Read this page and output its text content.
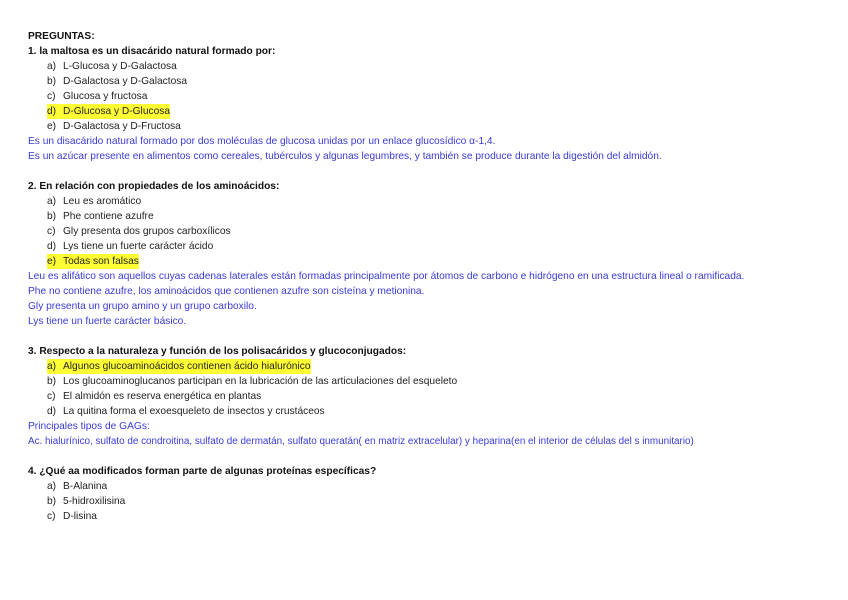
PREGUNTAS:
1. la maltosa es un disacárido natural formado por:
a) L-Glucosa y D-Galactosa
b) D-Galactosa y D-Galactosa
c) Glucosa y fructosa
d) D-Glucosa y D-Glucosa
e) D-Galactosa y D-Fructosa
Es un disacárido natural formado por dos moléculas de glucosa unidas por un enlace glucosídico α-1,4.
Es un azúcar presente en alimentos como cereales, tubérculos y algunas legumbres, y también se produce durante la digestión del almidón.
2. En relación con propiedades de los aminoácidos:
a) Leu es aromático
b) Phe contiene azufre
c) Gly presenta dos grupos carboxílicos
d) Lys tiene un fuerte carácter ácido
e) Todas son falsas
Leu es alifático son aquellos cuyas cadenas laterales están formadas principalmente por átomos de carbono e hidrógeno en una estructura lineal o ramificada.
Phe no contiene azufre, los aminoácidos que contienen azufre son cisteína y metionina.
Gly presenta un grupo amino y un grupo carboxilo.
Lys tiene un fuerte carácter básico.
3. Respecto a la naturaleza y función de los polisacáridos y glucoconjugados:
a) Algunos glucoaminoácidos contienen ácido hialurónico
b) Los glucoaminoglucanos participan en la lubricación de las articulaciones del esqueleto
c) El almidón es reserva energética en plantas
d) La quitina forma el exoesqueleto de insectos y crustáceos
Principales tipos de GAGs:
Ac. hialurínico, sulfato de condroitina, sulfato de dermatán, sulfato queratán( en matriz extracelular) y heparina(en el interior de células del s inmunitario)
4. ¿Qué aa modificados forman parte de algunas proteínas específicas?
a) B-Alanina
b) 5-hidroxilisina
c) D-lisina
